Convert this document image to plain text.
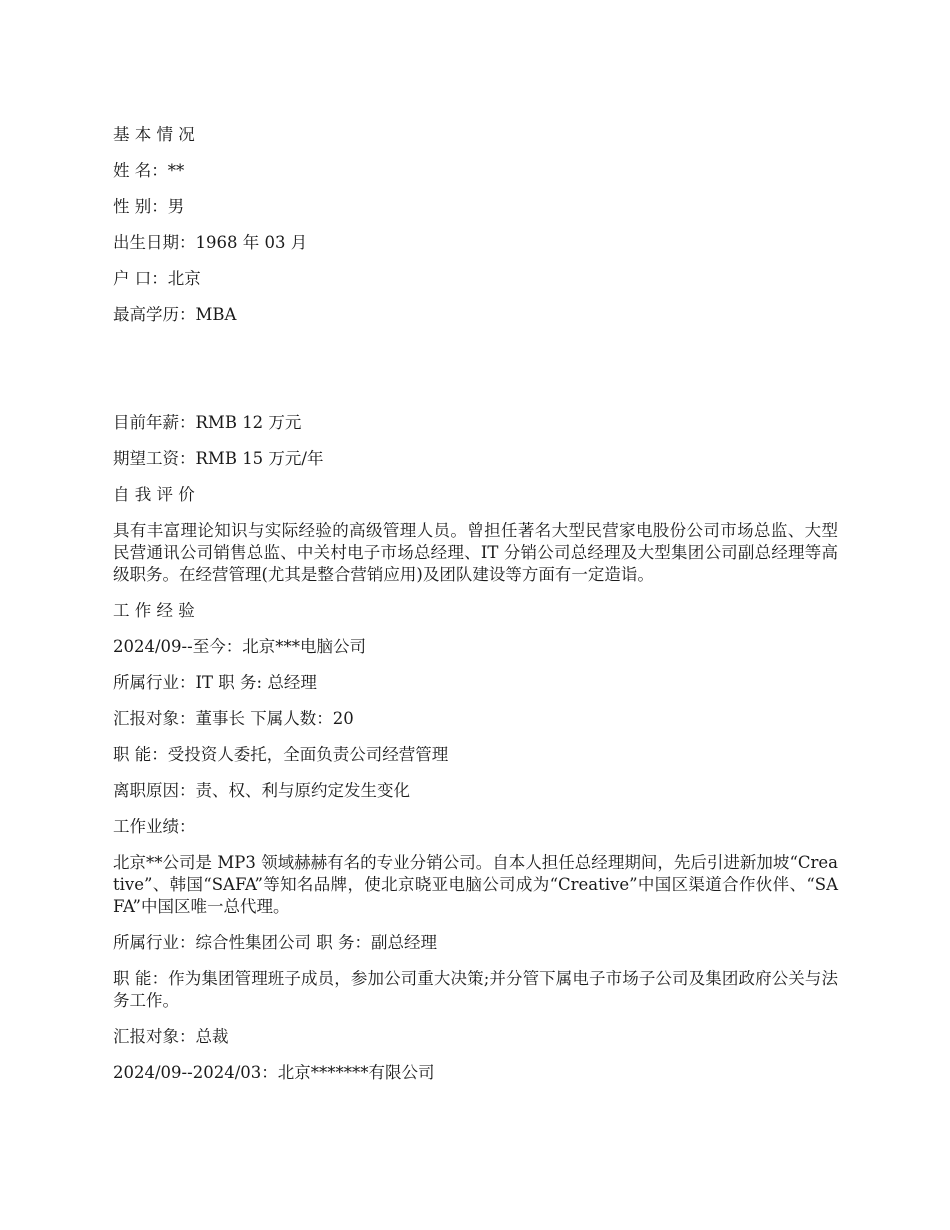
基 本 情 况

姓 名：**

性 别：男

出生日期：1968 年 03 月

户 口：北京

最高学历：MBA

目前年薪：RMB 12 万元

期望工资：RMB 15 万元/年

自 我 评 价

具有丰富理论知识与实际经验的高级管理人员。曾担任著名大型民营家电股份公司市场总监、大型民营通讯公司销售总监、中关村电子市场总经理、IT 分销公司总经理及大型集团公司副总经理等高级职务。在经营管理(尤其是整合营销应用)及团队建设等方面有一定造诣。

工 作 经 验

2024/09--至今：北京***电脑公司

所属行业：IT 职 务: 总经理

汇报对象：董事长 下属人数：20

职 能：受投资人委托，全面负责公司经营管理

离职原因：责、权、利与原约定发生变化

工作业绩：

北京**公司是 MP3 领域赫赫有名的专业分销公司。自本人担任总经理期间，先后引进新加坡“Creative”、韩国“SAFA”等知名品牌，使北京晓亚电脑公司成为“Creative”中国区渠道合作伙伴、“SAFA”中国区唯一总代理。

所属行业：综合性集团公司 职 务：副总经理

职 能：作为集团管理班子成员，参加公司重大决策;并分管下属电子市场子公司及集团政府公关与法务工作。

汇报对象：总裁

2024/09--2024/03：北京*******有限公司
